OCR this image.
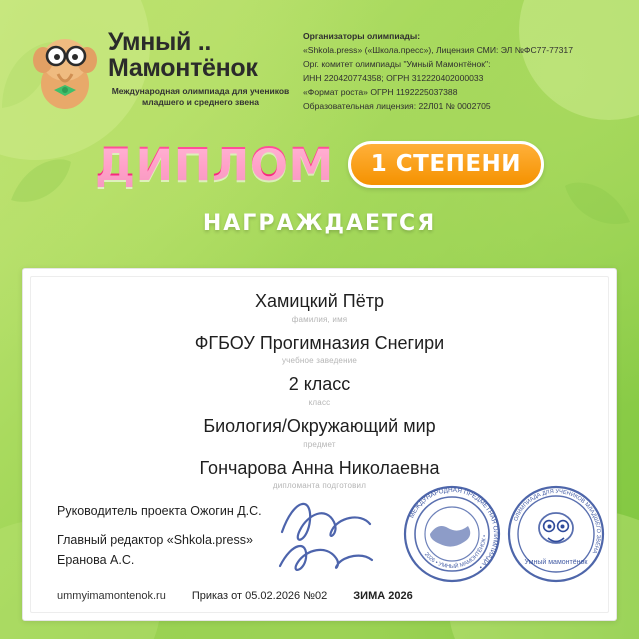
Умный ..
Мамонтёнок
Международная олимпиада для учеников младшего и среднего звена
Организаторы олимпиады:
«Shkola.press» («Школа.пресс»), Лицензия СМИ: ЭЛ №ФС77-77317
Орг. комитет олимпиады "Умный Мамонтёнок":
ИНН 220420774358; ОГРН 312220402000033
«Формат роста» ОГРН 1192225037388
Образовательная лицензия: 22Л01 № 0002705
ДИПЛОМ	1 СТЕПЕНИ
НАГРАЖДАЕТСЯ
Хамицкий Пётр
фамилия, имя
ФГБОУ Прогимназия Снегири
учебное заведение
2 класс
класс
Биология/Окружающий мир
предмет
Гончарова Анна Николаевна
дипломанта подготовил
Руководитель проекта Ожогин Д.С.
Главный редактор «Shkola.press»
Еранова А.С.
МЕЖДУНАРОДНАЯ ПРЕДМЕТНАЯ ОЛИМПИАДА •
2026 • УМНЫЙ МАМОНТЁНОК •
ОЛИМПИАДА ДЛЯ УЧЕНИКОВ МЛАДШЕГО ЗВЕНА
Умный мамонтёнок
ummyimamontenok.ru Приказ от 05.02.2026 №02 ЗИМА 2026
